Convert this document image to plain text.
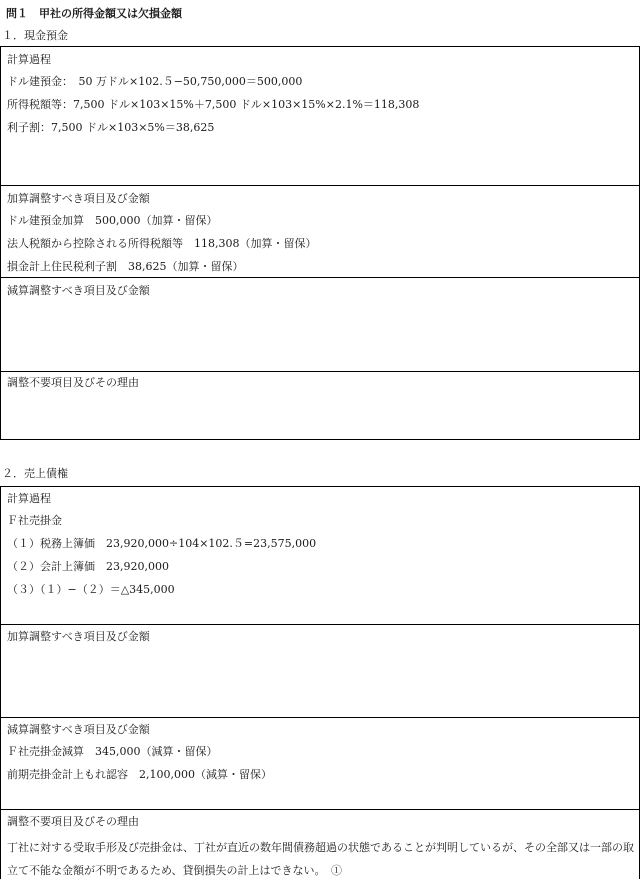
問１　甲社の所得金額又は欠損金額
１．現金預金
計算過程
ドル建預金：　50 万ドル×102.５−50,750,000＝500,000
所得税額等：7,500 ドル×103×15%＋7,500 ドル×103×15%×2.1%＝118,308
利子割：7,500 ドル×103×5%＝38,625
加算調整すべき項目及び金額
ドル建預金加算　500,000（加算・留保）
法人税額から控除される所得税額等　118,308（加算・留保）
損金計上住民税利子割　38,625（加算・留保）
減算調整すべき項目及び金額
調整不要項目及びその理由
２．売上債権
計算過程
Ｆ社売掛金
（１）税務上簿価　23,920,000÷104×102.５=23,575,000
（２）会計上簿価　23,920,000
（３）（１）−（２）＝△345,000
加算調整すべき項目及び金額
減算調整すべき項目及び金額
Ｆ社売掛金減算　345,000（減算・留保）
前期売掛金計上もれ認容　2,100,000（減算・留保）
調整不要項目及びその理由
丁社に対する受取手形及び売掛金は、丁社が直近の数年間債務超過の状態であることが判明しているが、その全部又は一部の取立て不能な金額が不明であるため、貸倒損失の計上はできない。　①
